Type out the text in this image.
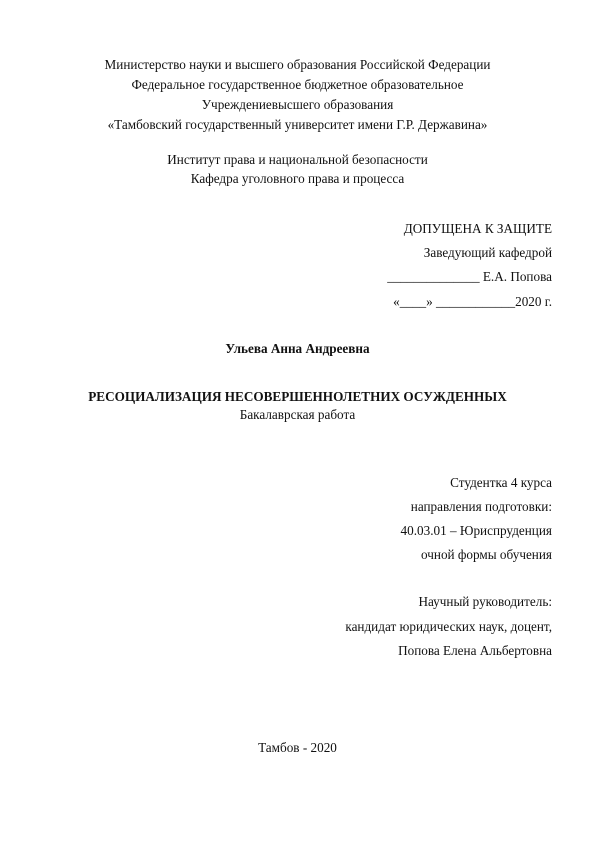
Министерство науки и высшего образования Российской Федерации
Федеральное государственное бюджетное образовательное
Учреждениевысшего образования
«Тамбовский государственный университет имени Г.Р. Державина»
Институт права и национальной безопасности
Кафедра уголовного права и процесса
ДОПУЩЕНА К ЗАЩИТЕ
Заведующий кафедрой
______________ Е.А. Попова
«____» ____________2020 г.
Ульева Анна Андреевна
РЕСОЦИАЛИЗАЦИЯ НЕСОВЕРШЕННОЛЕТНИХ ОСУЖДЕННЫХ
Бакалаврская работа
Студентка 4 курса
направления подготовки:
40.03.01 – Юриспруденция
очной формы обучения
Научный руководитель:
кандидат юридических наук, доцент,
Попова Елена Альбертовна
Тамбов - 2020
